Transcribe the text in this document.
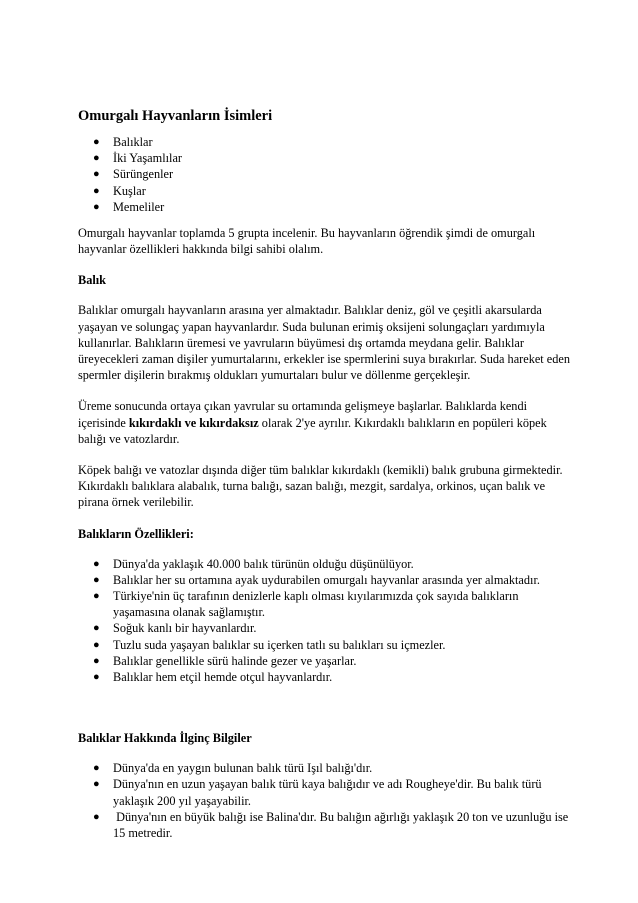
Omurgalı Hayvanların İsimleri
● Balıklar
● İki Yaşamlılar
● Sürüngenler
● Kuşlar
● Memeliler

Omurgalı hayvanlar toplamda 5 grupta incelenir. Bu hayvanların öğrendik şimdi de omurgalı hayvanlar özellikleri hakkında bilgi sahibi olalım.

Balık

Balıklar omurgalı hayvanların arasına yer almaktadır. Balıklar deniz, göl ve çeşitli akarsularda yaşayan ve solungaç yapan hayvanlardır. Suda bulunan erimiş oksijeni solungaçları yardımıyla kullanırlar. Balıkların üremesi ve yavruların büyümesi dış ortamda meydana gelir. Balıklar üreyecekleri zaman dişiler yumurtalarını, erkekler ise spermlerini suya bırakırlar. Suda hareket eden spermler dişilerin bırakmış oldukları yumurtaları bulur ve döllenme gerçekleşir.

Üreme sonucunda ortaya çıkan yavrular su ortamında gelişmeye başlarlar. Balıklarda kendi içerisinde kıkırdaklı ve kıkırdaksız olarak 2'ye ayrılır. Kıkırdaklı balıkların en popüleri köpek balığı ve vatozlardır.

Köpek balığı ve vatozlar dışında diğer tüm balıklar kıkırdaklı (kemikli) balık grubuna girmektedir. Kıkırdaklı balıklara alabalık, turna balığı, sazan balığı, mezgit, sardalya, orkinos, uçan balık ve pirana örnek verilebilir.

Balıkların Özellikleri:
● Dünya'da yaklaşık 40.000 balık türünün olduğu düşünülüyor.
● Balıklar her su ortamına ayak uydurabilen omurgalı hayvanlar arasında yer almaktadır.
● Türkiye'nin üç tarafının denizlerle kaplı olması kıyılarımızda çok sayıda balıkların yaşamasına olanak sağlamıştır.
● Soğuk kanlı bir hayvanlardır.
● Tuzlu suda yaşayan balıklar su içerken tatlı su balıkları su içmezler.
● Balıklar genellikle sürü halinde gezer ve yaşarlar.
● Balıklar hem etçil hemde otçul hayvanlardır.
Balıklar Hakkında İlginç Bilgiler
● Dünya'da en yaygın bulunan balık türü Işıl balığı'dır.
● Dünya'nın en uzun yaşayan balık türü kaya balığıdır ve adı Rougheye'dir. Bu balık türü yaklaşık 200 yıl yaşayabilir.
● Dünya'nın en büyük balığı ise Balina'dır. Bu balığın ağırlığı yaklaşık 20 ton ve uzunluğu ise 15 metredir.
